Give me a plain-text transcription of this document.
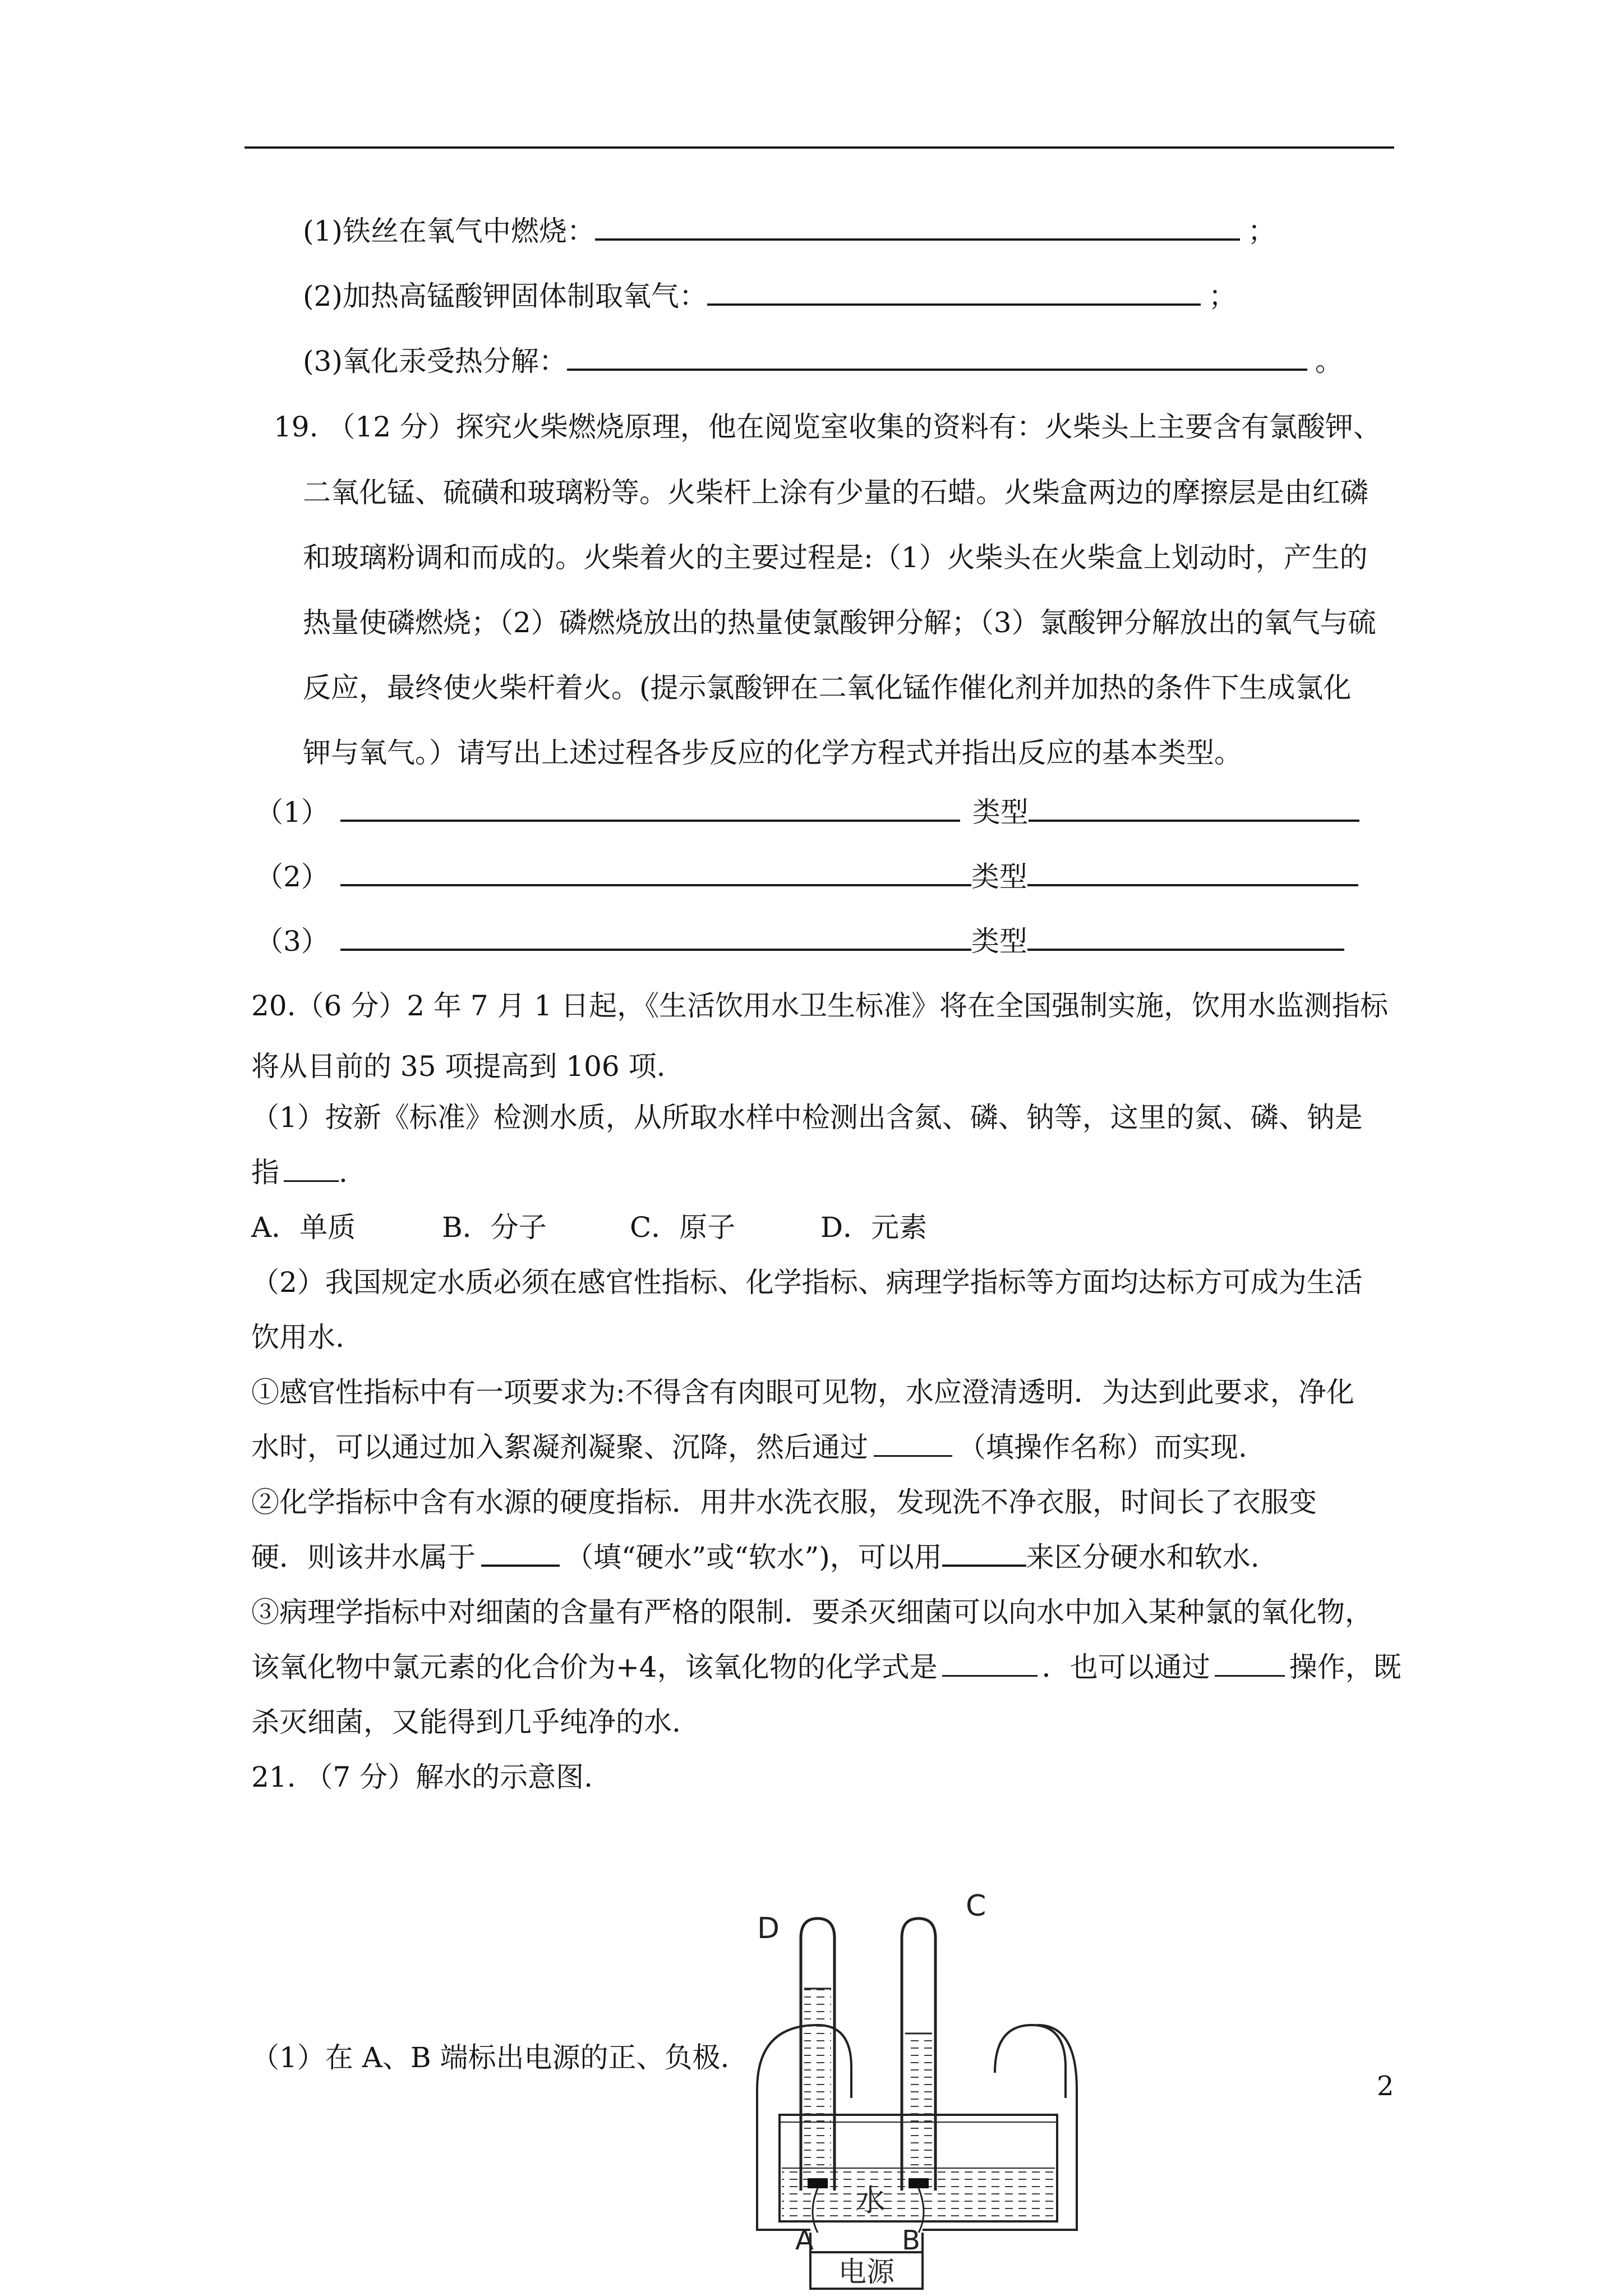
(1)铁丝在氧气中燃烧：	；
(2)加热高锰酸钾固体制取氧气：	；
(3)氧化汞受热分解：	。
19. （12 分）探究火柴燃烧原理，他在阅览室收集的资料有：火柴头上主要含有氯酸钾、
二氧化锰、硫磺和玻璃粉等。火柴杆上涂有少量的石蜡。火柴盒两边的摩擦层是由红磷
和玻璃粉调和而成的。火柴着火的主要过程是:（1）火柴头在火柴盒上划动时，产生的
热量使磷燃烧；（2）磷燃烧放出的热量使氯酸钾分解；（3）氯酸钾分解放出的氧气与硫
反应，最终使火柴杆着火。(提示氯酸钾在二氧化锰作催化剂并加热的条件下生成氯化
钾与氧气。）请写出上述过程各步反应的化学方程式并指出反应的基本类型。
（1）	类型
（2）	类型
（3）	类型
20.（6 分）2 年 7 月 1 日起，《生活饮用水卫生标准》将在全国强制实施，饮用水监测指标
将从目前的 35 项提高到 106 项.
（1）按新《标准》检测水质，从所取水样中检测出含氮、磷、钠等，这里的氮、磷、钠是
指 .
A．单质	B．分子	C．原子	D．元素
（2）我国规定水质必须在感官性指标、化学指标、病理学指标等方面均达标方可成为生活
饮用水.
①感官性指标中有一项要求为:不得含有肉眼可见物，水应澄清透明．为达到此要求，净化
水时，可以通过加入絮凝剂凝聚、沉降，然后通过	（填操作名称）而实现.
②化学指标中含有水源的硬度指标．用井水洗衣服，发现洗不净衣服，时间长了衣服变
硬．则该井水属于	（填“硬水”或“软水”)，可以用	来区分硬水和软水.
③病理学指标中对细菌的含量有严格的限制．要杀灭细菌可以向水中加入某种氯的氧化物，
该氧化物中氯元素的化合价为+4，该氧化物的化学式是	．也可以通过	操作，既
杀灭细菌，又能得到几乎纯净的水.
21. （7 分）解水的示意图.
（1）在 A、B 端标出电源的正、负极.
D
C
水
A	B
电源
2
